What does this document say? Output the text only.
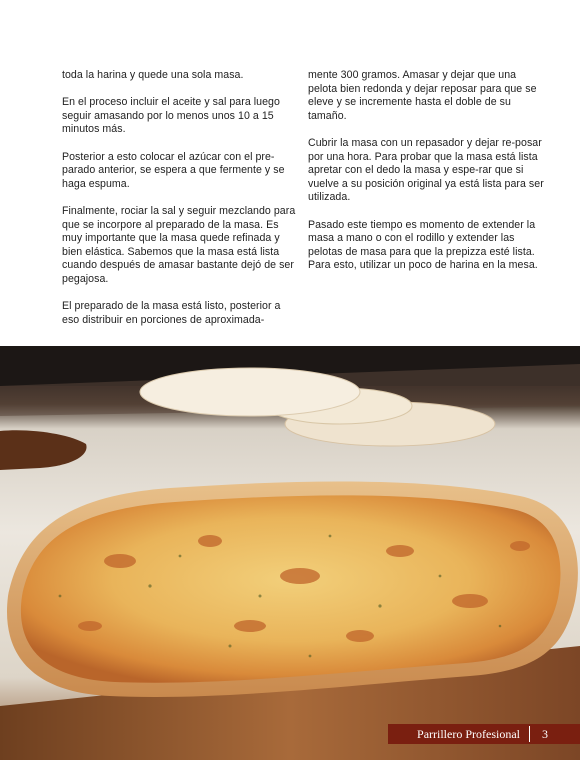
toda la harina y quede una sola masa.

En el proceso incluir el aceite y sal para luego seguir amasando por lo menos unos 10 a 15 minutos más.

Posterior a esto colocar el azúcar con el pre-parado anterior, se espera a que fermente y se haga espuma.

Finalmente, rociar la sal y seguir mezclando para que se incorpore al preparado de la masa. Es muy importante que la masa quede refinada y bien elástica. Sabemos que la masa está lista cuando después de amasar bastante dejó de ser pegajosa.

El preparado de la masa está listo, posterior a eso distribuir en porciones de aproximada-

mente 300 gramos. Amasar y dejar que una pelota bien redonda y dejar reposar para que se eleve y se incremente hasta el doble de su tamaño.

Cubrir la masa con un repasador y dejar re-posar por una hora. Para probar que la masa está lista apretar con el dedo la masa y espe-rar que si vuelve a su posición original ya está lista para ser utilizada.

Pasado este tiempo es momento de extender la masa a mano o con el rodillo y extender las pelotas de masa para que la prepizza esté lista. Para esto, utilizar un poco de harina en la mesa.

Parrillero Profesional 3
